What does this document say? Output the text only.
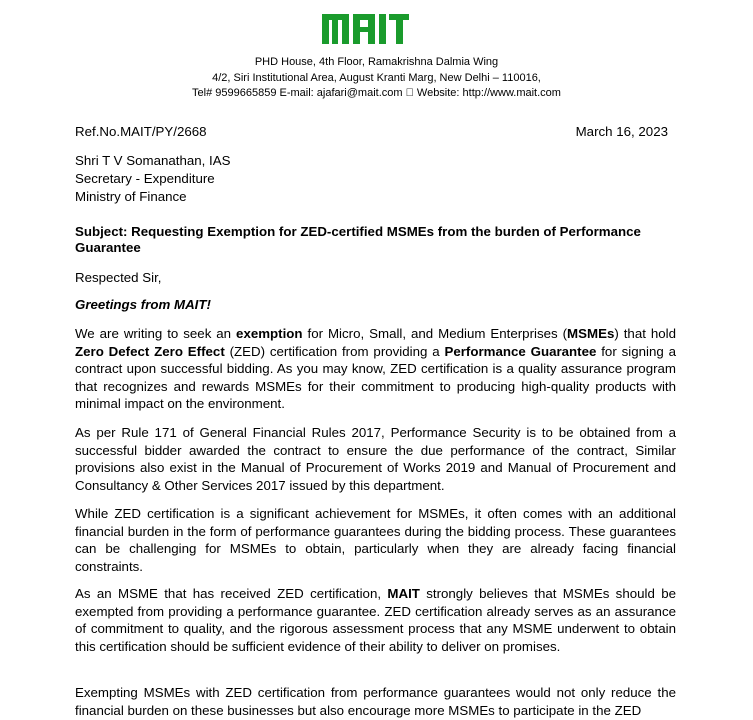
PHD House, 4th Floor, Ramakrishna Dalmia Wing
4/2, Siri Institutional Area, August Kranti Marg, New Delhi – 110016,
Tel# 9599665859 E-mail: ajafari@mait.com ￿ Website: http://www.mait.com
Ref.No.MAIT/PY/2668	March 16, 2023
Shri T V Somanathan, IAS
Secretary - Expenditure
Ministry of Finance
Subject: Requesting Exemption for ZED-certified MSMEs from the burden of Performance Guarantee
Respected Sir,
Greetings from MAIT!

We are writing to seek an exemption for Micro, Small, and Medium Enterprises (MSMEs) that hold Zero Defect Zero Effect (ZED) certification from providing a Performance Guarantee for signing a contract upon successful bidding. As you may know, ZED certification is a quality assurance program that recognizes and rewards MSMEs for their commitment to producing high-quality products with minimal impact on the environment.

As per Rule 171 of General Financial Rules 2017, Performance Security is to be obtained from a successful bidder awarded the contract to ensure the due performance of the contract, Similar provisions also exist in the Manual of Procurement of Works 2019 and Manual of Procurement and Consultancy & Other Services 2017 issued by this department.

While ZED certification is a significant achievement for MSMEs, it often comes with an additional financial burden in the form of performance guarantees during the bidding process. These guarantees can be challenging for MSMEs to obtain, particularly when they are already facing financial constraints.

As an MSME that has received ZED certification, MAIT strongly believes that MSMEs should be exempted from providing a performance guarantee. ZED certification already serves as an assurance of commitment to quality, and the rigorous assessment process that any MSME underwent to obtain this certification should be sufficient evidence of their ability to deliver on promises.

Exempting MSMEs with ZED certification from performance guarantees would not only reduce the financial burden on these businesses but also encourage more MSMEs to participate in the ZED
